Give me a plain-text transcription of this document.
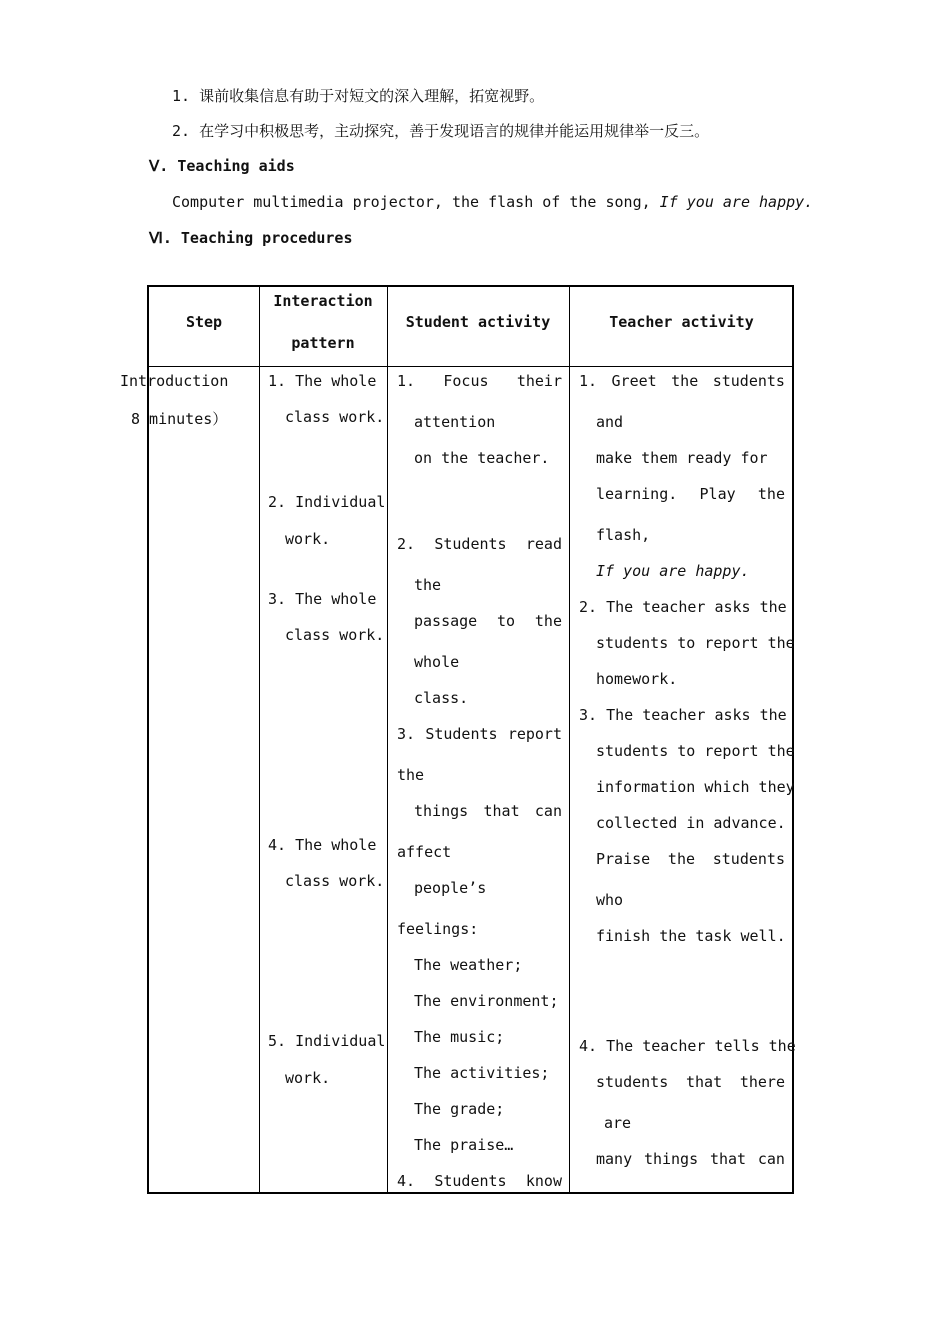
1. 课前收集信息有助于对短文的深入理解，拓宽视野。
2. 在学习中积极思考，主动探究，善于发现语言的规律并能运用规律举一反三。
Ⅴ. Teaching aids
Computer multimedia projector, the flash of the song, If you are happy.
Ⅵ. Teaching procedures
Step
Interaction
pattern
Student activity	Teacher activity
Introduction
8 minutes）
1. The whole
class work.
2. Individual
work.
3. The whole
class work.
4. The whole
class work.
5. Individual
work.
1. Focus their
attention
on the teacher.
2. Students read
the
passage to the
whole
class.
3. Students report
the
things that can
affect
people’s
feelings:
The weather;
The environment;
The music;
The activities;
The grade;
The praise…
4. Students know
1. Greet the students
and
make them ready for
learning. Play the
flash,
If you are happy.
2. The teacher asks the
students to report the
homework.
3. The teacher asks the
students to report the
information which they
collected in advance.
Praise the students
who
finish the task well.
4. The teacher tells the
students that there
are
many things that can
